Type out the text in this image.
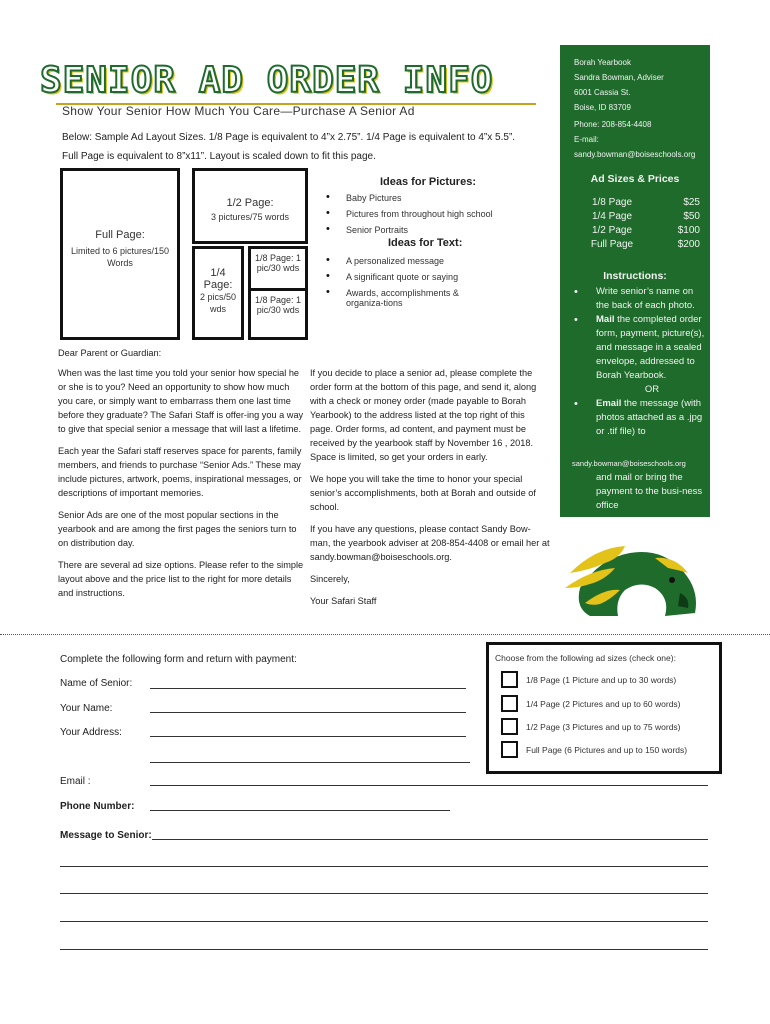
SENIOR AD ORDER INFO
Show Your Senior How Much You Care—Purchase A Senior Ad
Below: Sample Ad Layout Sizes. 1/8 Page is equivalent to 4”x 2.75”. 1/4 Page is equivalent to 4”x 5.5”. Full Page is equivalent to 8”x11”. Layout is scaled down to fit this page.
Full Page:
Limited to 6 pictures/150 Words
1/2 Page:
3 pictures/75 words
1/4 Page:
2 pics/50 wds
1/8 Page: 1
pic/30 wds
1/8 Page: 1
pic/30 wds
Ideas for Pictures:
• Baby Pictures
• Pictures from throughout high school
• Senior Portraits
Ideas for Text:
• A personalized message
• A significant quote or saying
• Awards, accomplishments & organiza-tions
Dear Parent or Guardian:

When was the last time you told your senior how special he or she is to you? Need an opportunity to show how much you care, or simply want to embarrass them one last time before they graduate? The Safari Staff is offer-ing you a way to give that special senior a message that will last a lifetime.

Each year the Safari staff reserves space for parents, family members, and friends to purchase “Senior Ads.” These may include pictures, artwork, poems, inspirational messages, or descriptions of important memories.

Senior Ads are one of the most popular sections in the yearbook and are among the first pages the seniors turn to on distribution day.

There are several ad size options. Please refer to the simple layout above and the price list to the right for more details and instructions.

If you decide to place a senior ad, please complete the order form at the bottom of this page, and send it, along with a check or money order (made payable to Borah Yearbook) to the address listed at the top right of this page. Order forms, ad content, and payment must be received by the yearbook staff by November 16 , 2018. Space is limited, so get your orders in early.

We hope you will take the time to honor your special senior’s accomplishments, both at Borah and outside of school.

If you have any questions, please contact Sandy Bow-man, the yearbook adviser at 208-854-4408 or email her at sandy.bowman@boiseschools.org.

Sincerely,

Your Safari Staff

Borah Yearbook
Sandra Bowman, Adviser
6001 Cassia St.
Boise, ID 83709
Phone: 208-854-4408
E-mail:
sandy.bowman@boiseschools.org
Ad Sizes & Prices
1/8 Page	$25
1/4 Page	$50
1/2 Page	$100
Full Page	$200
Instructions:
• Write senior’s name on the back of each photo.
• Mail the completed order form, payment, picture(s), and message in a sealed envelope, addressed to Borah Yearbook.
OR
• Email the message (with photos attached as a .jpg or .tif file) to
sandy.bowman@boiseschools.org
and mail or bring the payment to the busi-ness office
Complete the following form and return with payment:
Name of Senior:
Your Name:
Your Address:
Email :
Phone Number:
Message to Senior:
Choose from the following ad sizes (check one):
1/8 Page (1 Picture and up to 30 words)
1/4 Page (2 Pictures and up to 60 words)
1/2 Page (3 Pictures and up to 75 words)
Full Page (6 Pictures and up to 150 words)
